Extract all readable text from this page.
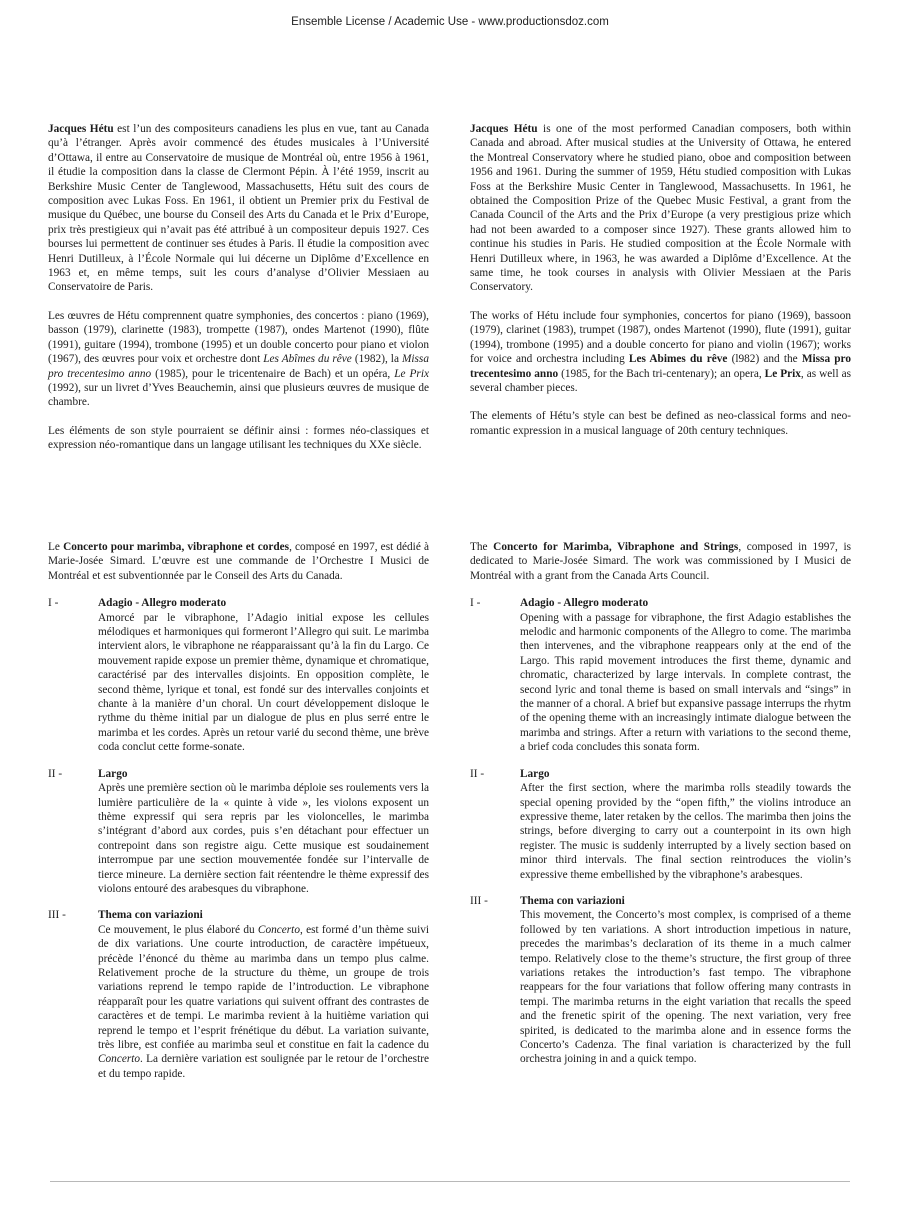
Ensemble License / Academic Use - www.productionsdoz.com

Jacques Hétu est l’un des compositeurs canadiens les plus en vue, tant au Canada qu’à l’étranger. Après avoir commencé des études musicales à l’Université d’Ottawa, il entre au Conservatoire de musique de Montréal où, entre 1956 à 1961, il étudie la composition dans la classe de Clermont Pépin. À l’été 1959, inscrit au Berkshire Music Center de Tanglewood, Massachusetts, Hétu suit des cours de composition avec Lukas Foss. En 1961, il obtient un Premier prix du Festival de musique du Québec, une bourse du Conseil des Arts du Canada et le Prix d’Europe, prix très prestigieux qui n’avait pas été attribué à un compositeur depuis 1927. Ces bourses lui permettent de continuer ses études à Paris. Il étudie la composition avec Henri Dutilleux, à l’École Normale qui lui décerne un Diplôme d’Excellence en 1963 et, en même temps, suit les cours d’analyse d’Olivier Messiaen au Conservatoire de Paris.

Les œuvres de Hétu comprennent quatre symphonies, des concertos : piano (1969), basson (1979), clarinette (1983), trompette (1987), ondes Martenot (1990), flûte (1991), guitare (1994), trombone (1995) et un double concerto pour piano et violon (1967), des œuvres pour voix et orchestre dont Les Abîmes du rêve (1982), la Missa pro trecentesimo anno (1985), pour le tricentenaire de Bach) et un opéra, Le Prix (1992), sur un livret d’Yves Beauchemin, ainsi que plusieurs œuvres de musique de chambre.

Les éléments de son style pourraient se définir ainsi : formes néo-classiques et expression néo-romantique dans un langage utilisant les techniques du XXe siècle.

Jacques Hétu is one of the most performed Canadian composers, both within Canada and abroad. After musical studies at the University of Ottawa, he entered the Montreal Conservatory where he studied piano, oboe and composition between 1956 and 1961. During the summer of 1959, Hétu studied composition with Lukas Foss at the Berkshire Music Center in Tanglewood, Massachusetts. In 1961, he obtained the Composition Prize of the Quebec Music Festival, a grant from the Canada Council of the Arts and the Prix d’Europe (a very prestigious prize which had not been awarded to a composer since 1927). These grants allowed him to continue his studies in Paris. He studied composition at the École Normale with Henri Dutilleux where, in 1963, he was awarded a Diplôme d’Excellence. At the same time, he took courses in analysis with Olivier Messiaen at the Paris Conservatory.

The works of Hétu include four symphonies, concertos for piano (1969), bassoon (1979), clarinet (1983), trumpet (1987), ondes Martenot (1990), flute (1991), guitar (1994), trombone (1995) and a double concerto for piano and violin (1967); works for voice and orchestra including Les Abimes du rêve (l982) and the Missa pro trecentesimo anno (1985, for the Bach tri-centenary); an opera, Le Prix, as well as several chamber pieces.

The elements of Hétu’s style can best be defined as neo-classical forms and neo-romantic expression in a musical language of 20th century techniques.

Le Concerto pour marimba, vibraphone et cordes, composé en 1997, est dédié à Marie-Josée Simard. L’œuvre est une commande de l’Orchestre I Musici de Montréal et est subventionnée par le Conseil des Arts du Canada.

I -	Adagio - Allegro moderato
Amorcé par le vibraphone, l’Adagio initial expose les cellules mélodiques et harmoniques qui formeront l’Allegro qui suit. Le marimba intervient alors, le vibraphone ne réapparaissant qu’à la fin du Largo. Ce mouvement rapide expose un premier thème, dynamique et chromatique, caractérisé par des intervalles disjoints. En opposition complète, le second thème, lyrique et tonal, est fondé sur des intervalles conjoints et chante à la manière d’un choral. Un court développement disloque le rythme du thème initial par un dialogue de plus en plus serré entre le marimba et les cordes. Après un retour varié du second thème, une brève coda conclut cette forme-sonate.
II -	Largo
Après une première section où le marimba déploie ses roulements vers la lumière particulière de la « quinte à vide », les violons exposent un thème expressif qui sera repris par les violoncelles, le marimba s’intégrant d’abord aux cordes, puis s’en détachant pour effectuer un contrepoint dans son registre aigu. Cette musique est soudainement interrompue par une section mouvementée fondée sur l’intervalle de tierce mineure. La dernière section fait réentendre le thème expressif des violons entouré des arabesques du vibraphone.
III -	Thema con variazioni
Ce mouvement, le plus élaboré du Concerto, est formé d’un thème suivi de dix variations. Une courte introduction, de caractère impétueux, précède l’énoncé du thème au marimba dans un tempo plus calme. Relativement proche de la structure du thème, un groupe de trois variations reprend le tempo rapide de l’introduction. Le vibraphone réapparaît pour les quatre variations qui suivent offrant des contrastes de caractères et de tempi. Le marimba revient à la huitième variation qui reprend le tempo et l’esprit frénétique du début. La variation suivante, très libre, est confiée au marimba seul et constitue en fait la cadence du Concerto. La dernière variation est soulignée par le retour de l’orchestre et du tempo rapide.

The Concerto for Marimba, Vibraphone and Strings, composed in 1997, is dedicated to Marie-Josée Simard. The work was commissioned by I Musici de Montréal with a grant from the Canada Arts Council.

I -	Adagio - Allegro moderato
Opening with a passage for vibraphone, the first Adagio establishes the melodic and harmonic components of the Allegro to come. The marimba then intervenes, and the vibraphone reappears only at the end of the Largo. This rapid movement introduces the first theme, dynamic and chromatic, characterized by large intervals. In complete contrast, the second lyric and tonal theme is based on small intervals and “sings” in the manner of a choral. A brief but expansive passage interrups the rhytm of the opening theme with an increasingly intimate dialogue between the marimba and strings. After a return with variations to the second theme, a brief coda concludes this sonata form.
II -	Largo
After the first section, where the marimba rolls steadily towards the special opening provided by the “open fifth,” the violins introduce an expressive theme, later retaken by the cellos. The marimba then joins the strings, before diverging to carry out a counterpoint in its own high register. The music is suddenly interrupted by a lively section based on minor third intervals. The final section reintroduces the violin’s expressive theme embellished by the vibraphone’s arabesques.
III -	Thema con variazioni
This movement, the Concerto’s most complex, is comprised of a theme followed by ten variations. A short introduction impetious in nature, precedes the marimbas’s declaration of its theme in a much calmer tempo. Relatively close to the theme’s structure, the first group of three variations retakes the introduction’s fast tempo. The vibraphone reappears for the four variations that follow offering many contrasts in tempi. The marimba returns in the eight variation that recalls the speed and the frenetic spirit of the opening. The next variation, very free spirited, is dedicated to the marimba alone and in essence forms the Concerto’s Cadenza. The final variation is characterized by the full orchestra joining in and a quick tempo.
